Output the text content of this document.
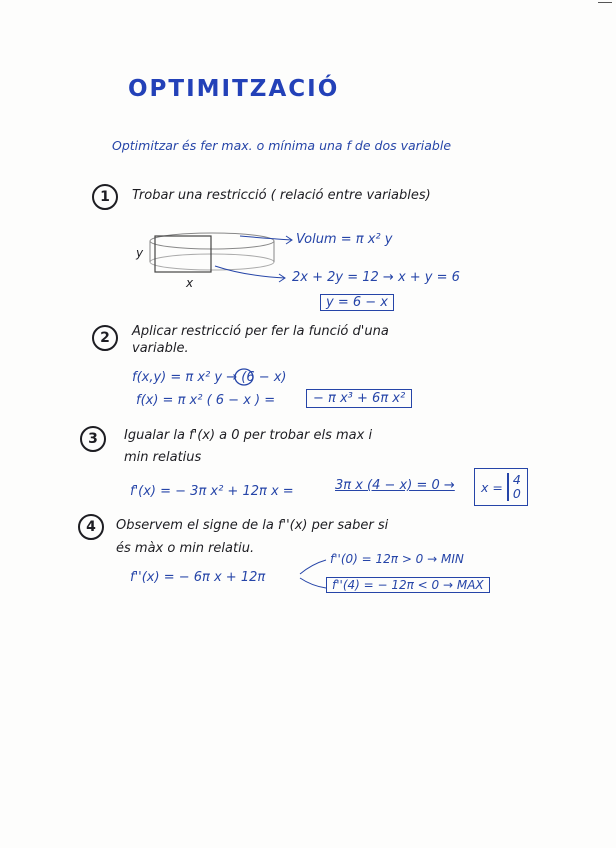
OPTIMITZACIÓ
Optimitzar és fer max. o mínima una f de dos variable
1	Trobar una restricció ( relació entre variables)
y
x
Volum = π x² y
2x + 2y = 12 → x + y = 6
y = 6 − x
2	Aplicar restricció per fer la funció d'una
variable.
f(x,y) = π x² y → (6 − x)
f(x) = π x² ( 6 − x ) =	− π x³ + 6π x²
3	Igualar la f'(x) a 0 per trobar els max i
min relatius
f'(x) = − 3π x² + 12π x =	3π x (4 − x) = 0 → x = 4
0
4	Observem el signe de la f''(x) per saber si
és màx o min relatiu.
f''(x) = − 6π x + 12π
f''(0) = 12π > 0 → MIN
f''(4) = − 12π < 0 → MAX
